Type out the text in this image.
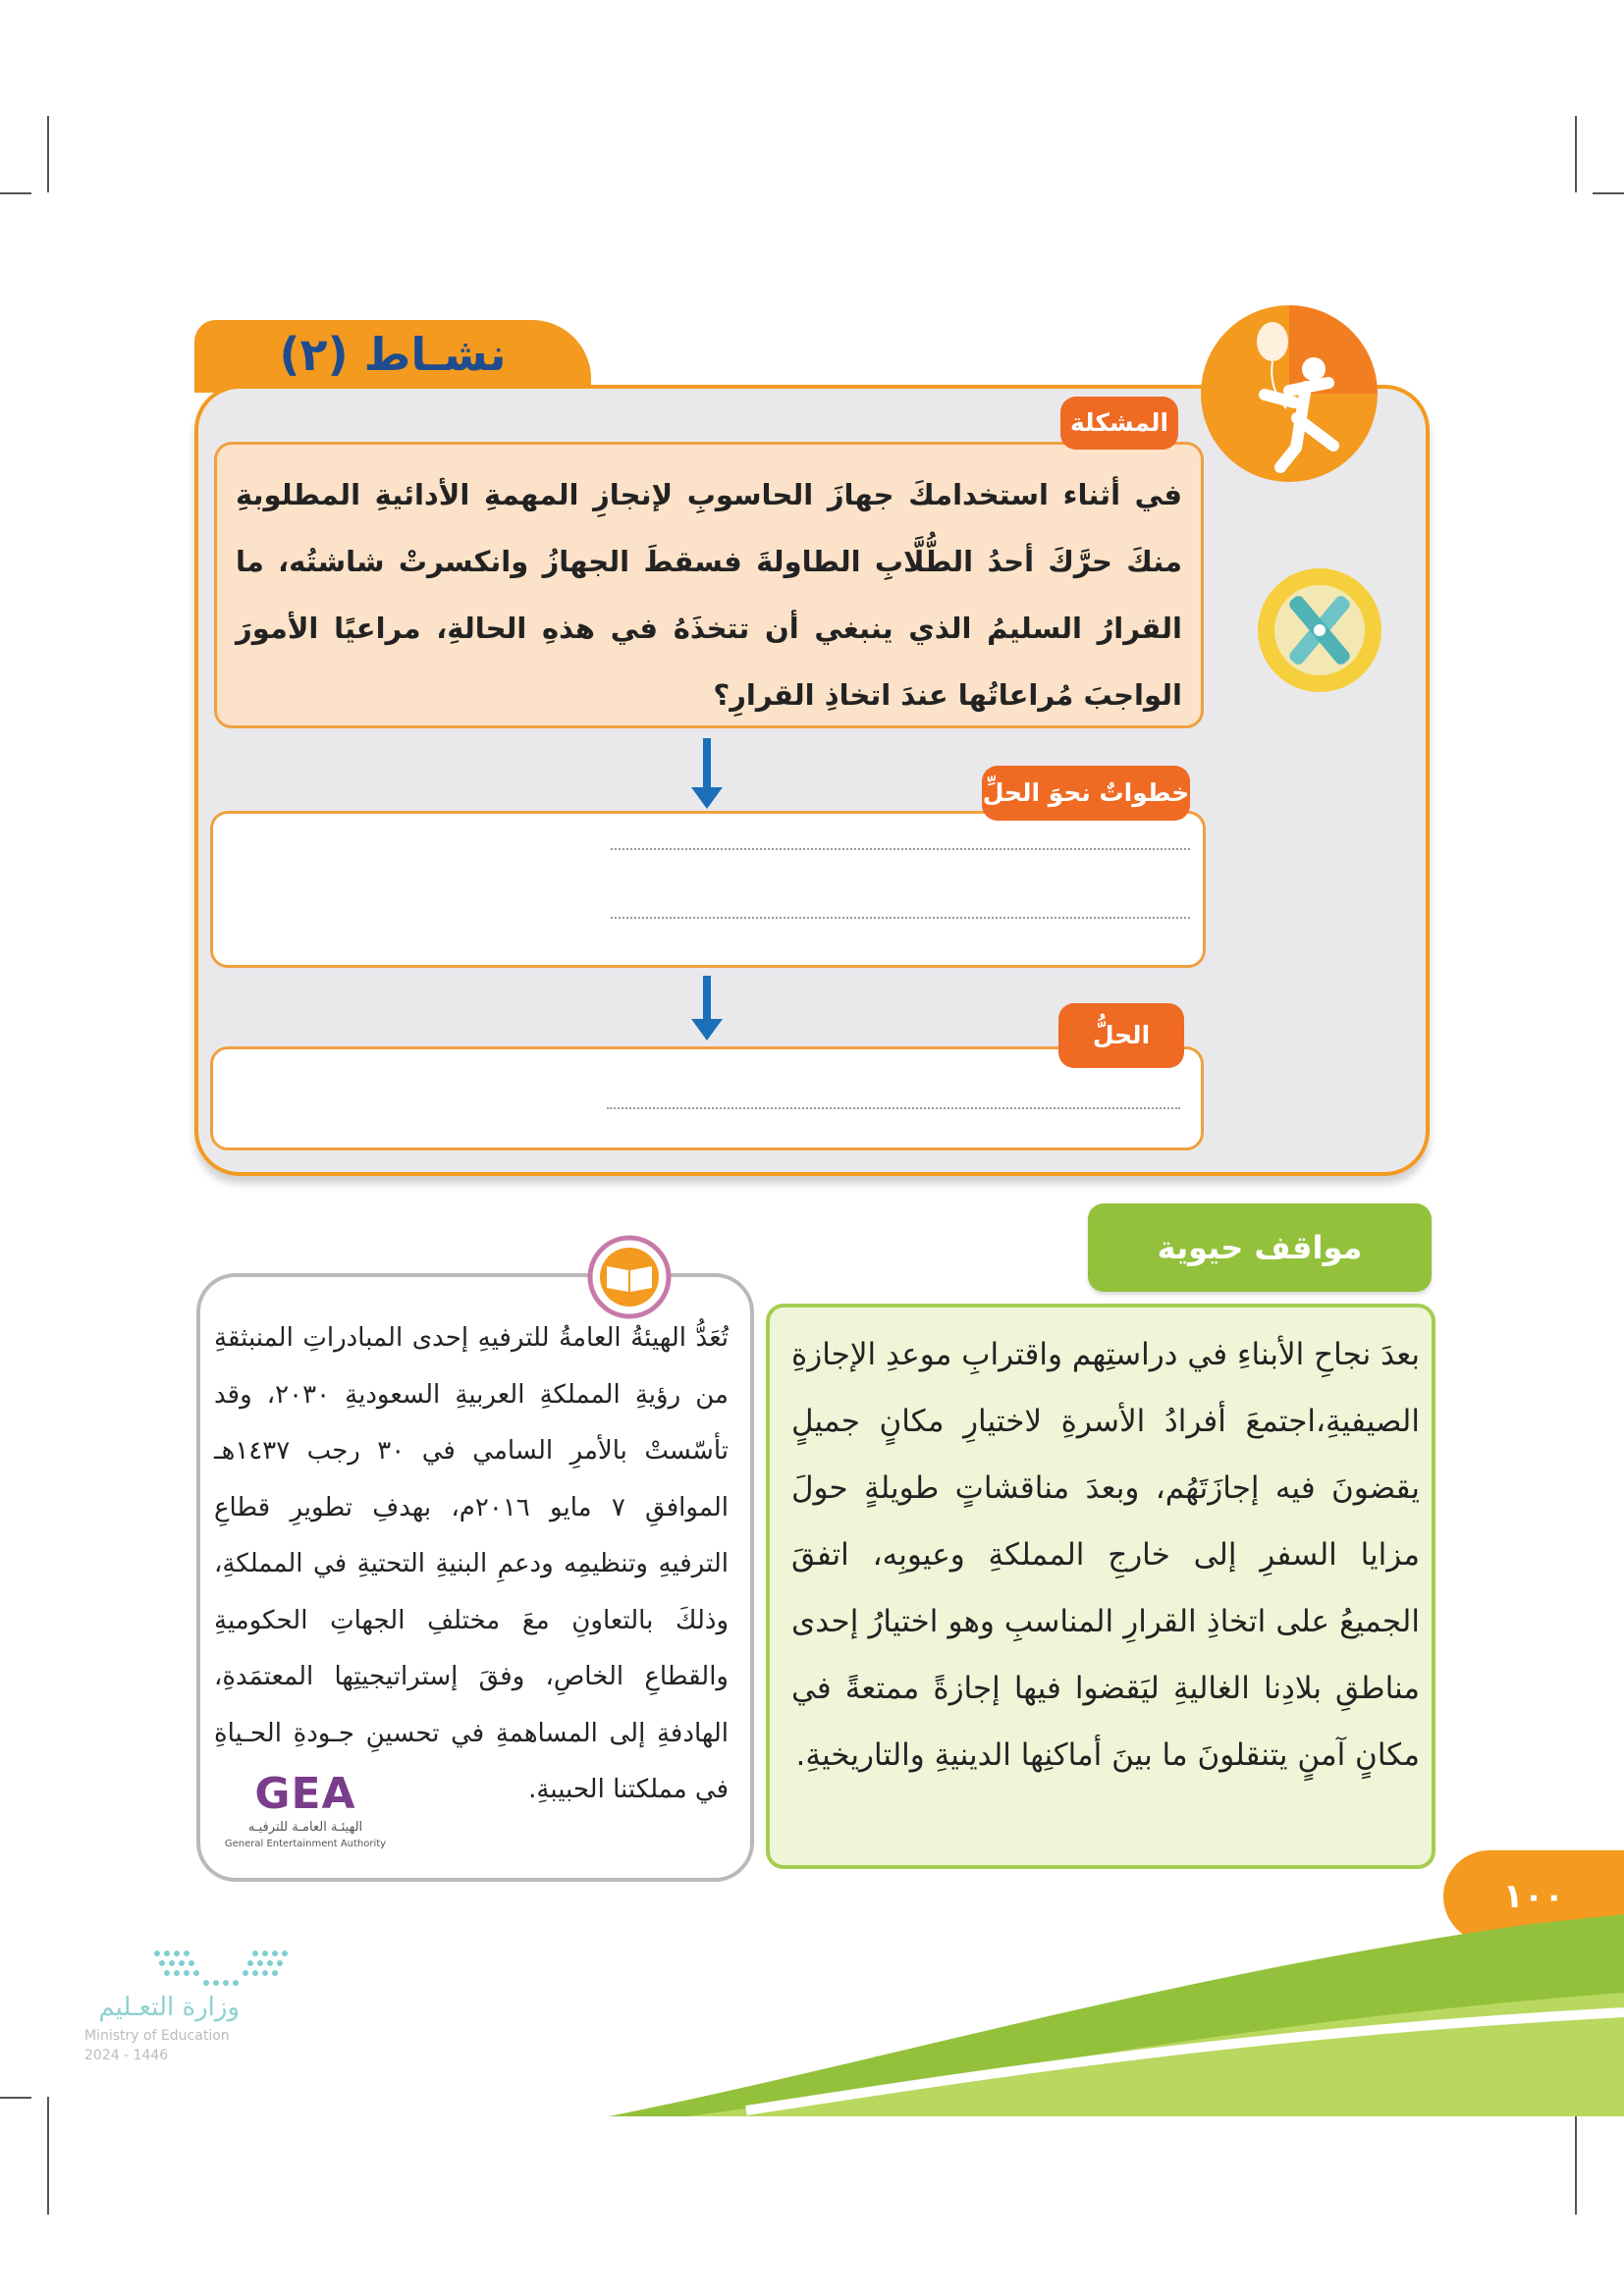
نشـاط (٢)
المشكلة
في أثناء استخدامكَ جهازَ الحاسوبِ لإنجازِ المهمةِ الأدائيةِ المطلوبةِ منكَ حرَّكَ أحدُ الطُّلَّابِ الطاولةَ فسقطَ الجهازُ وانكسرتْ شاشتُه، ما القرارُ السليمُ الذي ينبغي أن تتخذَهُ في هذهِ الحالةِ، مراعيًا الأمورَ الواجبَ مُراعاتُها عندَ اتخاذِ القرارِ؟
خطواتٌ نحوَ الحلِّ
الحلُّ
مواقف حيوية
بعدَ نجاحِ الأبناءِ في دراستِهم واقترابِ موعدِ الإجازةِ الصيفيةِ،اجتمعَ أفرادُ الأسرةِ لاختيارِ مكانٍ جميلٍ يقضونَ فيه إجازَتَهُم، وبعدَ مناقشاتٍ طويلةٍ حولَ مزايا السفرِ إلى خارجِ المملكةِ وعيوبِه، اتفقَ الجميعُ على اتخاذِ القرارِ المناسبِ وهو اختيارُ إحدى مناطقِ بلادِنا الغاليةِ ليَقضوا فيها إجازةً ممتعةً في مكانٍ آمنٍ يتنقلونَ ما بينَ أماكنِها الدينيةِ والتاريخيةِ.
تُعَدُّ الهيئةُ العامةُ للترفيهِ إحدى المبادراتِ المنبثقةِ من رؤيةِ المملكةِ العربيةِ السعوديةِ ٢٠٣٠، وقد تأسّستْ بالأمرِ السامي في ٣٠ رجب ١٤٣٧هـ الموافقِ ٧ مايو ٢٠١٦م، بهدفِ تطويرِ قطاعِ الترفيهِ وتنظيمِه ودعمِ البنيةِ التحتيةِ في المملكةِ، وذلكَ بالتعاونِ معَ مختلفِ الجهاتِ الحكوميةِ والقطاعِ الخاصِ، وفقَ إستراتيجيتِها المعتمَدةِ، الهادفةِ إلى المساهمةِ في تحسينِ جـودةِ الحـياةِ في مملكتنا الحبيبةِ.
GEA
الهيئـة العامـة للترفيـه
General Entertainment Authority
١٠٠
وزارة التعـليم
Ministry of Education
2024 - 1446
